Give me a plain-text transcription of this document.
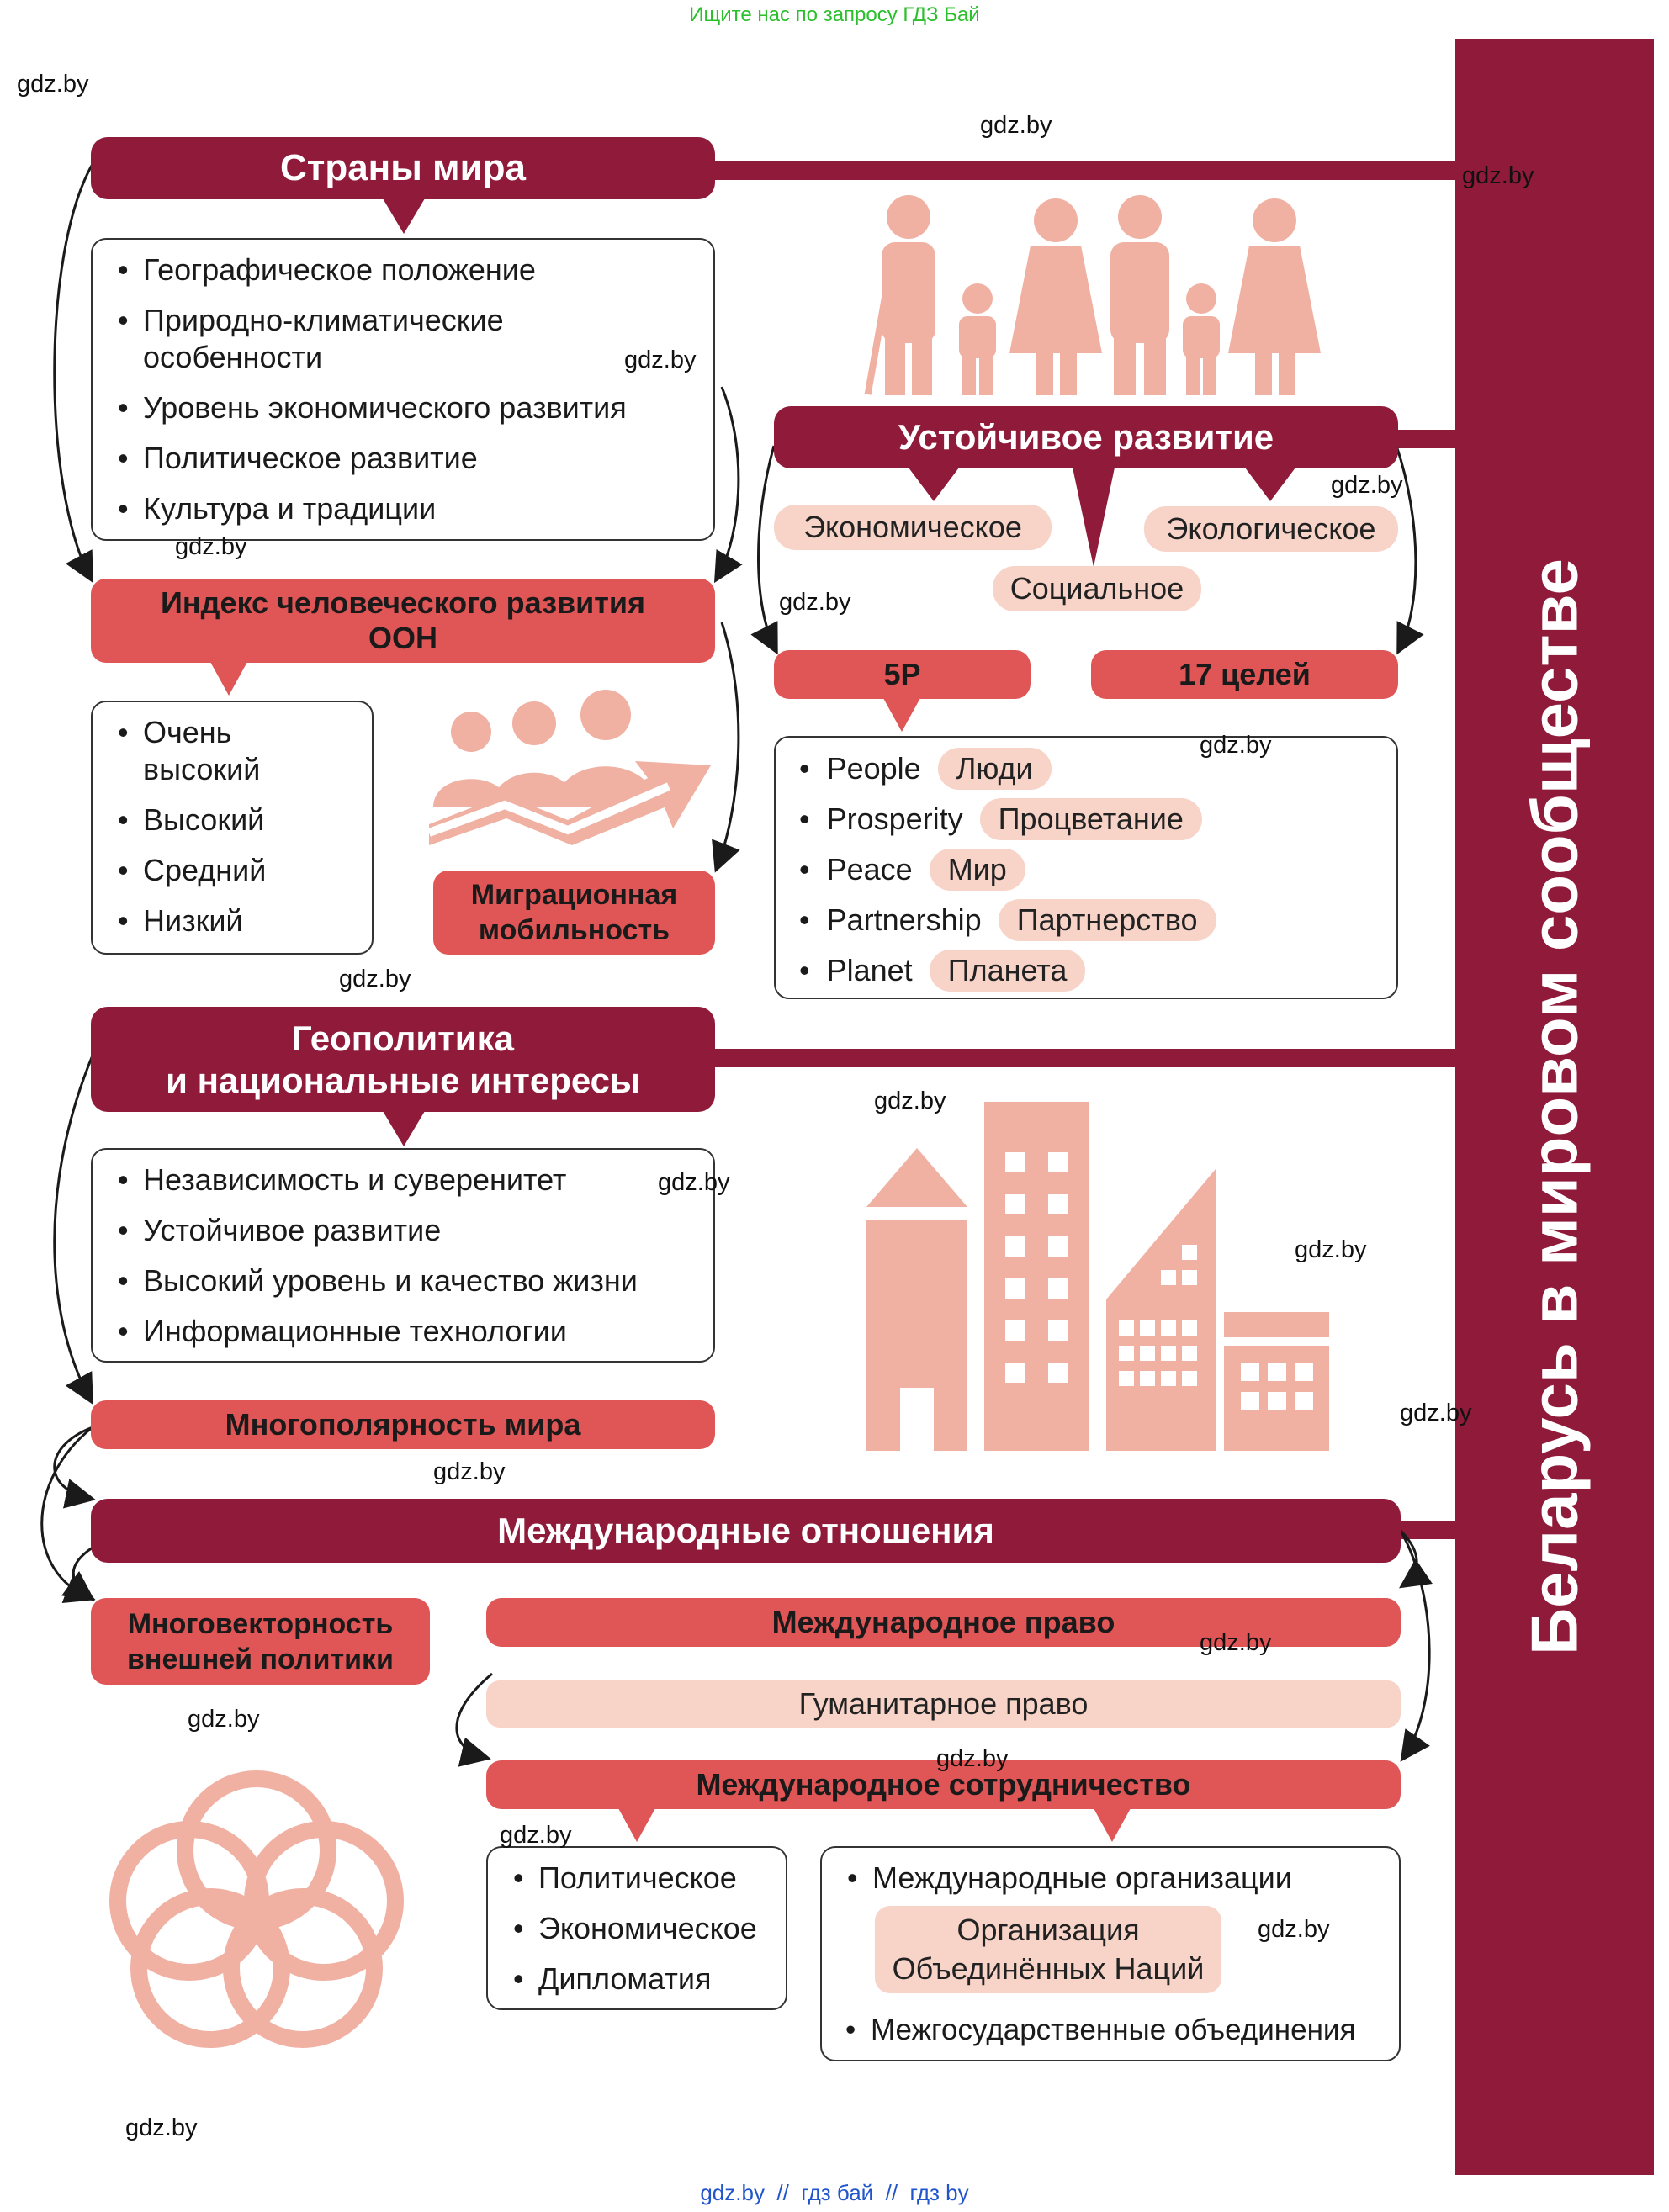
Ищите нас по запросу ГДЗ Бай
Беларусь в мировом сообществе
Страны мира
• Географическое положение
• Природно-климатические особенности
• Уровень экономического развития
• Политическое развитие
• Культура и традиции
Индекс человеческого развития ООН
• Очень высокий
• Высокий
• Средний
• Низкий
Миграционная мобильность
Устойчивое развитие
Экономическое	Экологическое
Социальное
5P	17 целей
•  People	Люди
•  Prosperity	Процветание
•  Peace	Мир
•  Partnership	Партнерство
•  Planet	Планета
Геополитика
и национальные интересы
• Независимость и суверенитет
• Устойчивое развитие
• Высокий уровень и качество жизни
• Информационные технологии
Многополярность мира
Международные отношения
Многовекторность
внешней политики
Международное право
Гуманитарное право
Международное сотрудничество
• Политическое
• Экономическое
• Дипломатия
• Международные организации
Организация
Объединённых Наций
• Межгосударственные объединения
gdz.by
gdz.by
gdz.by
gdz.by
gdz.by
gdz.by
gdz.by
gdz.by
gdz.by
gdz.by
gdz.by
gdz.by
gdz.by
gdz.by
gdz.by
gdz.by
gdz.by
gdz.by
gdz.by
gdz.by
gdz.by  //  гдз бай  //  гдз by
